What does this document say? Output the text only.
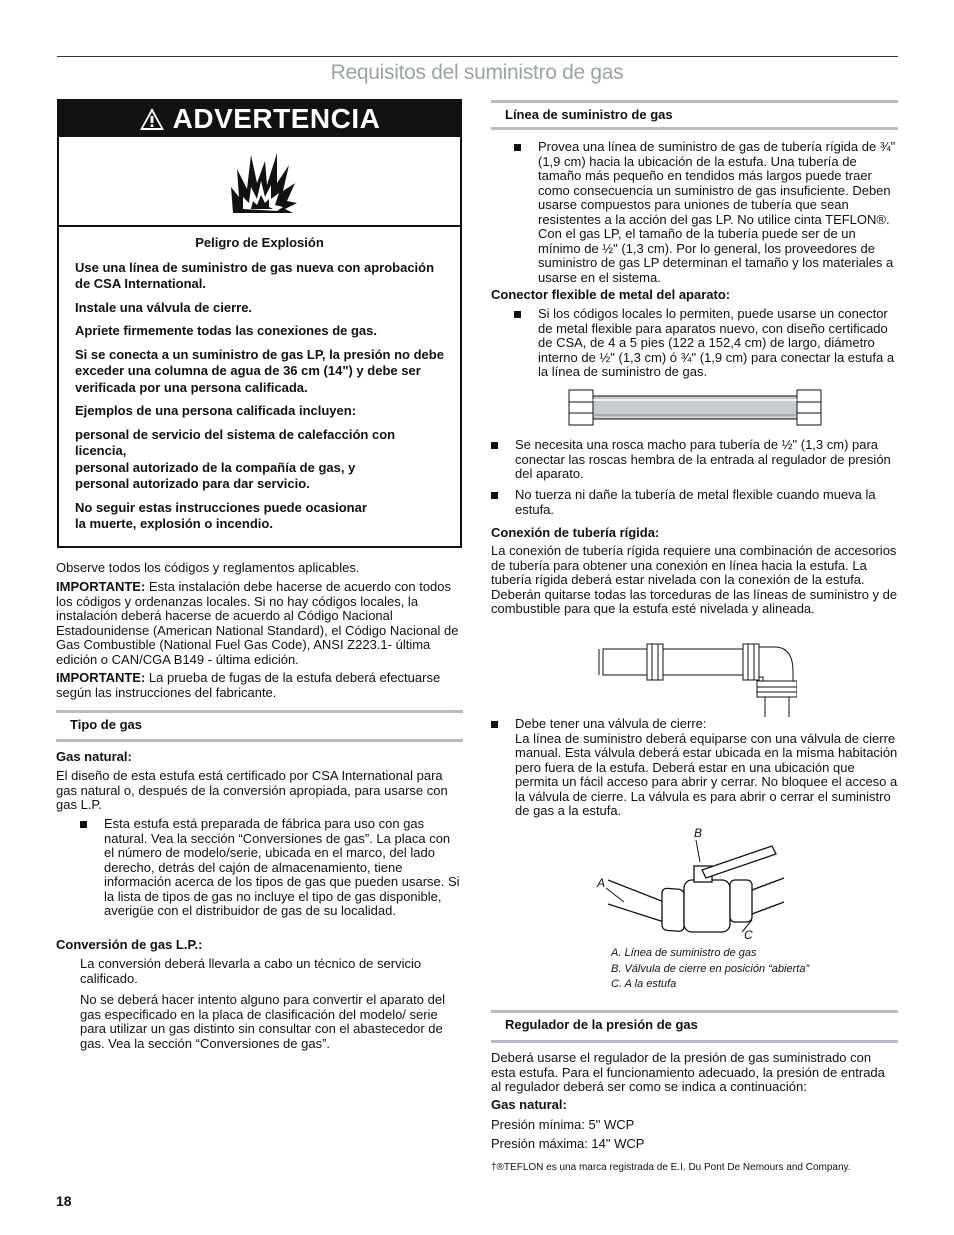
Requisitos del suministro de gas
ADVERTENCIA

Peligro de Explosión

Use una línea de suministro de gas nueva con aprobación de CSA International.

Instale una válvula de cierre.

Apriete firmemente todas las conexiones de gas.

Si se conecta a un suministro de gas LP, la presión no debe exceder una columna de agua de 36 cm (14") y debe ser verificada por una persona calificada.

Ejemplos de una persona calificada incluyen:

personal de servicio del sistema de calefacción con licencia,

personal autorizado de la compañía de gas, y

personal autorizado para dar servicio.

No seguir estas instrucciones puede ocasionar

la muerte, explosión o incendio.

Observe todos los códigos y reglamentos aplicables.

IMPORTANTE: Esta instalación debe hacerse de acuerdo con todos los códigos y ordenanzas locales. Si no hay códigos locales, la instalación deberá hacerse de acuerdo al Código Nacional Estadounidense (American National Standard), el Código Nacional de Gas Combustible (National Fuel Gas Code), ANSI Z223.1- última edición o CAN/CGA B149 - última edición.

IMPORTANTE: La prueba de fugas de la estufa deberá efectuarse según las instrucciones del fabricante.

Tipo de gas

Gas natural:

El diseño de esta estufa está certificado por CSA International para gas natural o, después de la conversión apropiada, para usarse con gas L.P.

Esta estufa está preparada de fábrica para uso con gas natural. Vea la sección “Conversiones de gas”. La placa con el número de modelo/serie, ubicada en el marco, del lado derecho, detrás del cajón de almacenamiento, tiene información acerca de los tipos de gas que pueden usarse. Si la lista de tipos de gas no incluye el tipo de gas disponible, averigüe con el distribuidor de gas de su localidad.

Conversión de gas L.P.:

La conversión deberá llevarla a cabo un técnico de servicio calificado.

No se deberá hacer intento alguno para convertir el aparato del gas especificado en la placa de clasificación del modelo/ serie para utilizar un gas distinto sin consultar con el abastecedor de gas. Vea la sección “Conversiones de gas”.

Línea de suministro de gas

Provea una línea de suministro de gas de tubería rígida de ¾" (1,9 cm) hacia la ubicación de la estufa. Una tubería de tamaño más pequeño en tendidos más largos puede traer como consecuencia un suministro de gas insuficiente. Deben usarse compuestos para uniones de tubería que sean resistentes a la acción del gas LP. No utilice cinta TEFLON®. Con el gas LP, el tamaño de la tubería puede ser de un mínimo de ½" (1,3 cm). Por lo general, los proveedores de suministro de gas LP determinan el tamaño y los materiales a usarse en el sistema.

Conector flexible de metal del aparato:

Si los códigos locales lo permiten, puede usarse un conector de metal flexible para aparatos nuevo, con diseño certificado de CSA, de 4 a 5 pies (122 a 152,4 cm) de largo, diámetro interno de ½" (1,3 cm) ó ¾" (1,9 cm) para conectar la estufa a la línea de suministro de gas.

Se necesita una rosca macho para tubería de ½" (1,3 cm) para conectar las roscas hembra de la entrada al regulador de presión del aparato.

No tuerza ni dañe la tubería de metal flexible cuando mueva la estufa.

Conexión de tubería rígida:

La conexión de tubería rígida requiere una combinación de accesorios de tubería para obtener una conexión en línea hacia la estufa. La tubería rígida deberá estar nivelada con la conexión de la estufa. Deberán quitarse todas las torceduras de las líneas de suministro y de combustible para que la estufa esté nivelada y alineada.

Debe tener una válvula de cierre:
La línea de suministro deberá equiparse con una válvula de cierre manual. Esta válvula deberá estar ubicada en la misma habitación pero fuera de la estufa. Deberá estar en una ubicación que permita un fácil acceso para abrir y cerrar. No bloquee el acceso a la válvula de cierre. La válvula es para abrir o cerrar el suministro de gas a la estufa.

B
A
C

A. Línea de suministro de gas

B. Válvula de cierre en posición “abierta”

C. A la estufa

Regulador de la presión de gas

Deberá usarse el regulador de la presión de gas suministrado con esta estufa. Para el funcionamiento adecuado, la presión de entrada al regulador deberá ser como se indica a continuación:

Gas natural:

Presión mínima: 5" WCP

Presión máxima: 14" WCP

†®TEFLON es una marca registrada de E.I. Du Pont De Nemours and Company.

18
